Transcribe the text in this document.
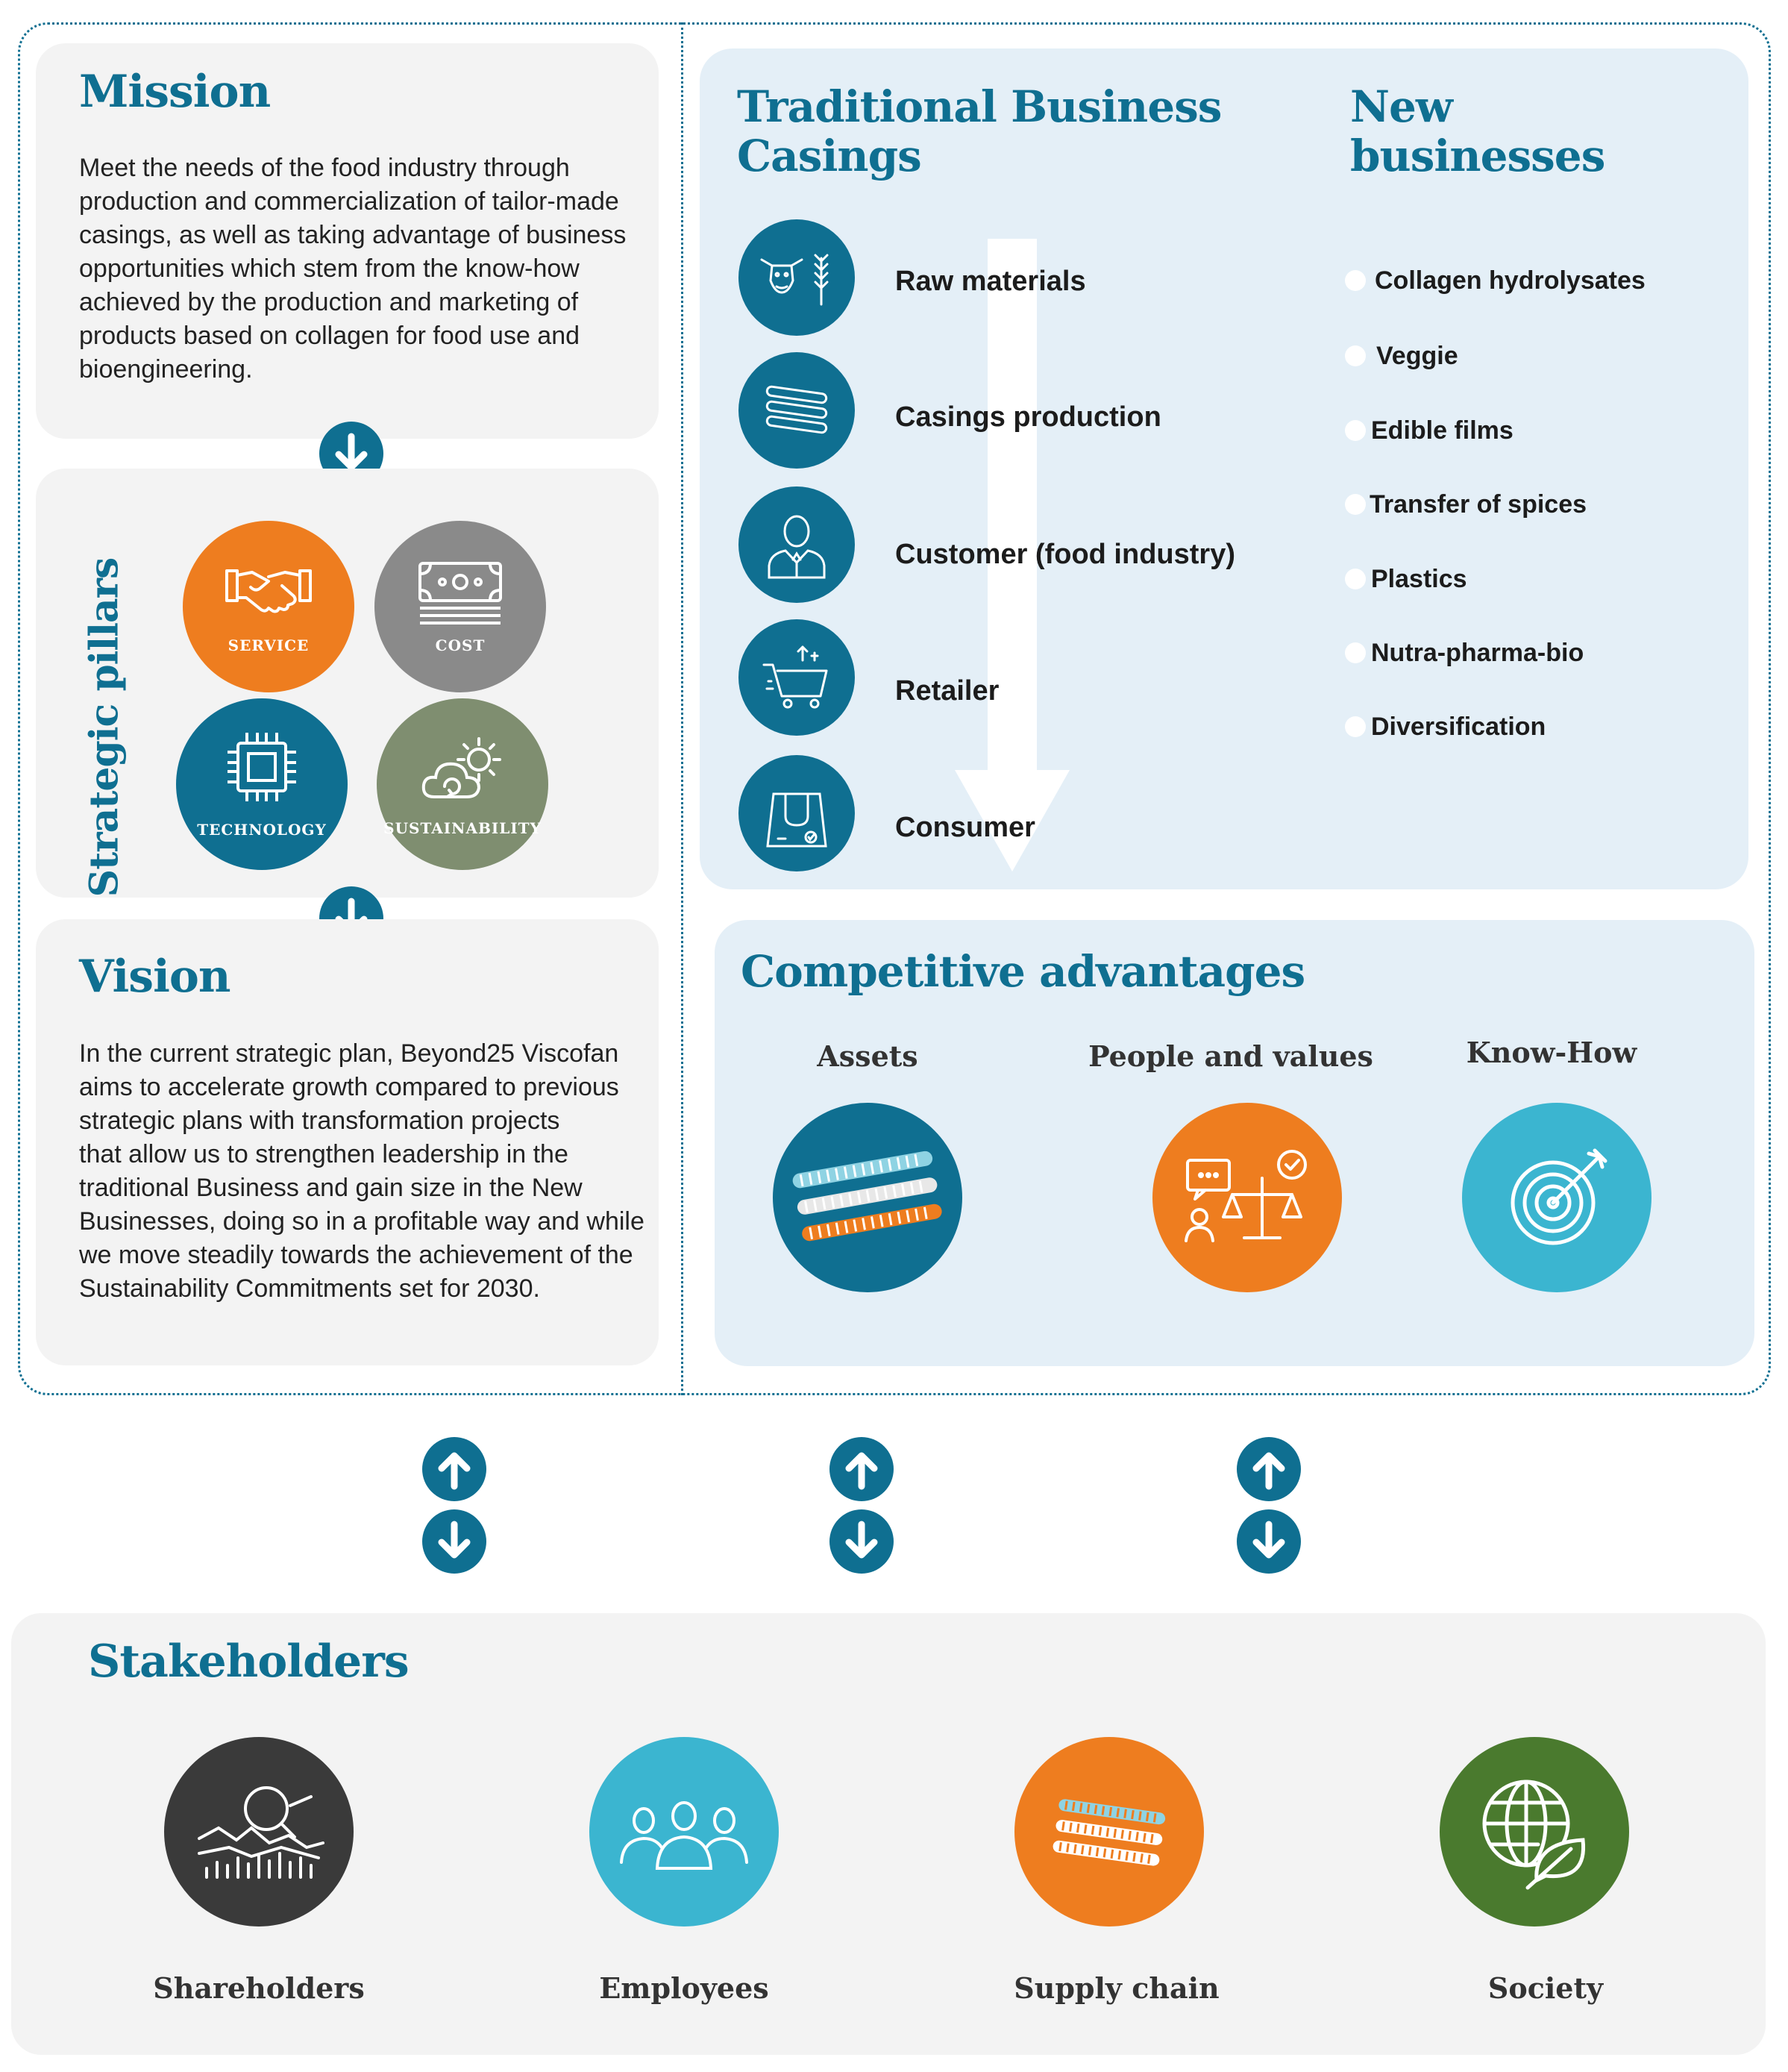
Mission
Meet the needs of the food industry through
production and commercialization of tailor-made
casings, as well as taking advantage of business
opportunities which stem from the know-how
achieved by the production and marketing of
products based on collagen for food use and
bioengineering.
Strategic pillars	SERVICE	COST
TECHNOLOGY	SUSTAINABILITY
Vision
In the current strategic plan, Beyond25 Viscofan
aims to accelerate growth compared to previous
strategic plans with transformation projects
that allow us to strengthen leadership in the
traditional Business and gain size in the New
Businesses, doing so in a profitable way and while
we move steadily towards the achievement of the
Sustainability Commitments set for 2030.
Traditional Business
Casings
Raw materials
Casings production
Customer (food industry)
Retailer
Consumer
New
businesses
Collagen hydrolysates
Veggie
Edible films
Transfer of spices
Plastics
Nutra-pharma-bio
Diversification
Competitive advantages
Assets	People and values	Know-How
Stakeholders
Shareholders	Employees	Supply chain	Society
